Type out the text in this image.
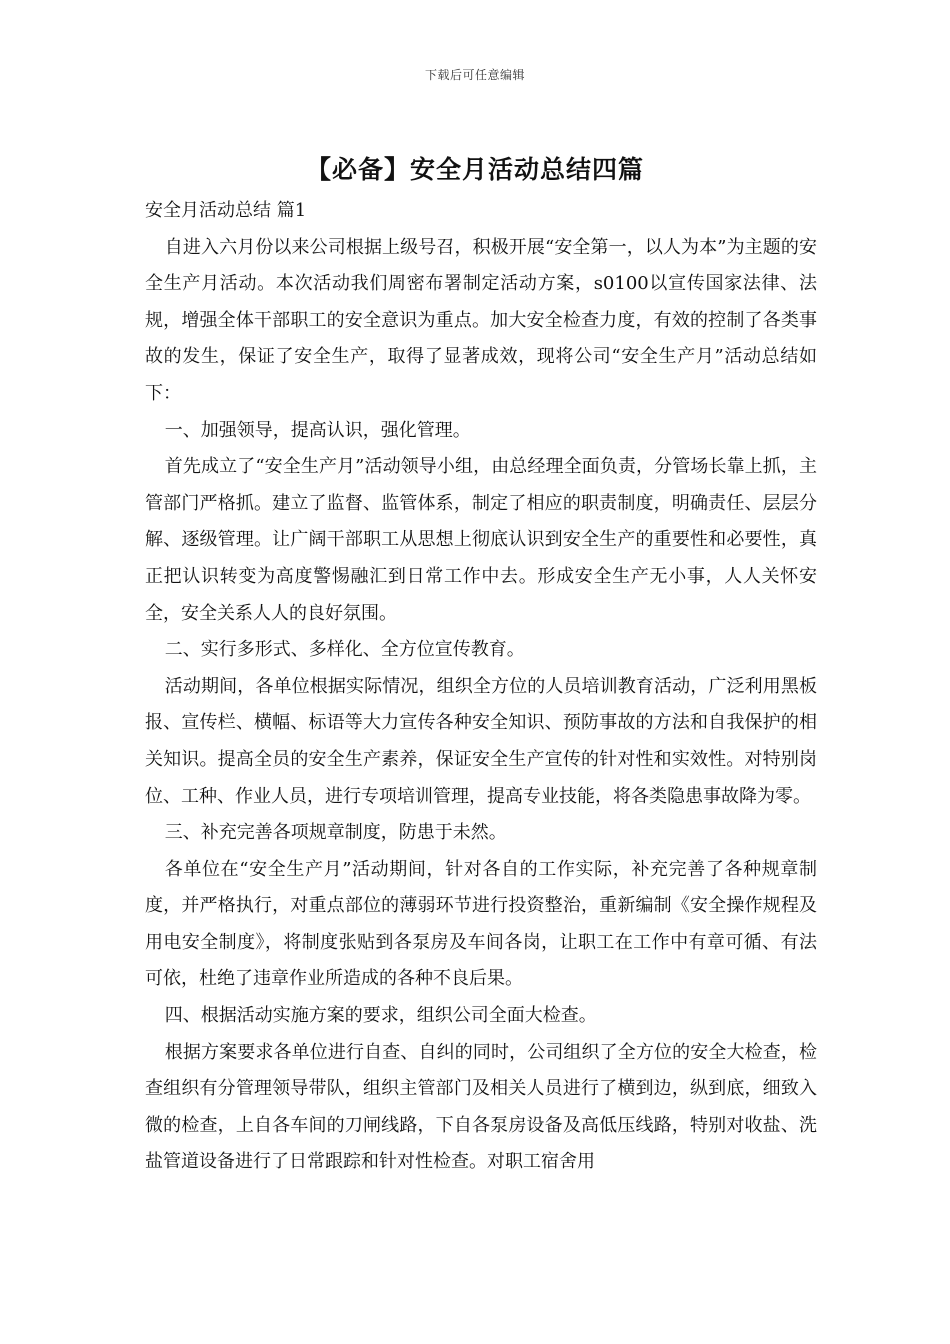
下载后可任意编辑
【必备】安全月活动总结四篇

安全月活动总结 篇1

自进入六月份以来公司根据上级号召，积极开展“安全第一，以人为本”为主题的安全生产月活动。本次活动我们周密布署制定活动方案，s0100以宣传国家法律、法规，增强全体干部职工的安全意识为重点。加大安全检查力度，有效的控制了各类事故的发生，保证了安全生产，取得了显著成效，现将公司“安全生产月”活动总结如下：

一、加强领导，提高认识，强化管理。

首先成立了“安全生产月”活动领导小组，由总经理全面负责，分管场长靠上抓，主管部门严格抓。建立了监督、监管体系，制定了相应的职责制度，明确责任、层层分解、逐级管理。让广阔干部职工从思想上彻底认识到安全生产的重要性和必要性，真正把认识转变为高度警惕融汇到日常工作中去。形成安全生产无小事，人人关怀安全，安全关系人人的良好氛围。

二、实行多形式、多样化、全方位宣传教育。

活动期间，各单位根据实际情况，组织全方位的人员培训教育活动，广泛利用黑板报、宣传栏、横幅、标语等大力宣传各种安全知识、预防事故的方法和自我保护的相关知识。提高全员的安全生产素养，保证安全生产宣传的针对性和实效性。对特别岗位、工种、作业人员，进行专项培训管理，提高专业技能，将各类隐患事故降为零。

三、补充完善各项规章制度，防患于未然。

各单位在“安全生产月”活动期间，针对各自的工作实际，补充完善了各种规章制度，并严格执行，对重点部位的薄弱环节进行投资整治，重新编制《安全操作规程及用电安全制度》，将制度张贴到各泵房及车间各岗，让职工在工作中有章可循、有法可依，杜绝了违章作业所造成的各种不良后果。

四、根据活动实施方案的要求，组织公司全面大检查。

根据方案要求各单位进行自查、自纠的同时，公司组织了全方位的安全大检查，检查组织有分管理领导带队，组织主管部门及相关人员进行了横到边，纵到底，细致入微的检查，上自各车间的刀闸线路，下自各泵房设备及高低压线路，特别对收盐、洗盐管道设备进行了日常跟踪和针对性检查。对职工宿舍用
